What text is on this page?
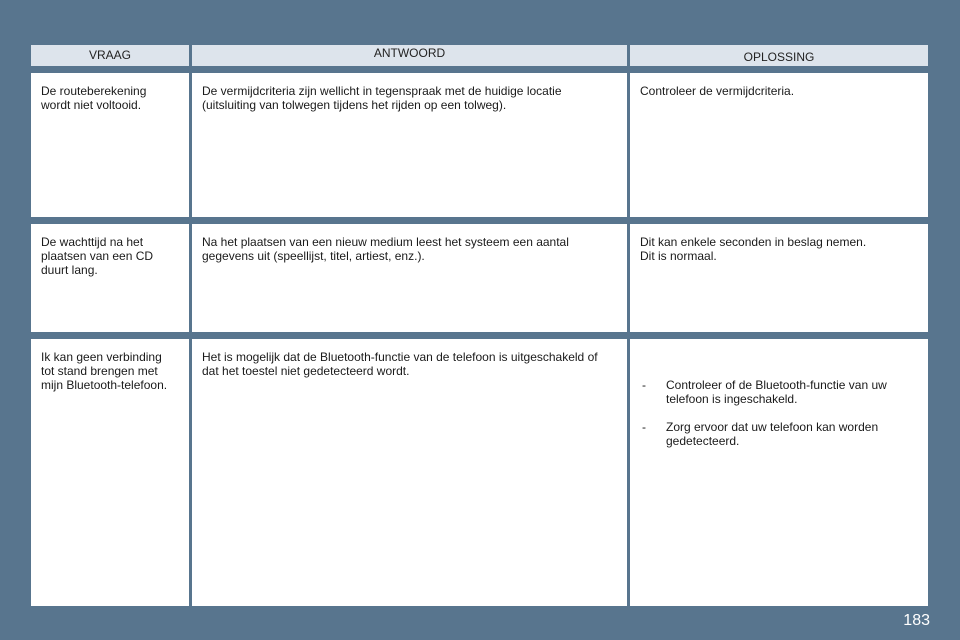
VRAAG	ANTWOORD	OPLOSSING
De routeberekening
wordt niet voltooid.
De vermijdcriteria zijn wellicht in tegenspraak met de huidige locatie
(uitsluiting van tolwegen tijdens het rijden op een tolweg).
Controleer de vermijdcriteria.
De wachttijd na het
plaatsen van een CD
duurt lang.
Na het plaatsen van een nieuw medium leest het systeem een aantal
gegevens uit (speellijst, titel, artiest, enz.).
Dit kan enkele seconden in beslag nemen.
Dit is normaal.
Ik kan geen verbinding
tot stand brengen met
mijn Bluetooth-telefoon.
Het is mogelijk dat de Bluetooth-functie van de telefoon is uitgeschakeld of
dat het toestel niet gedetecteerd wordt.

- Controleer of de Bluetooth-functie van uw
telefoon is ingeschakeld.

- Zorg ervoor dat uw telefoon kan worden
gedetecteerd.

183
